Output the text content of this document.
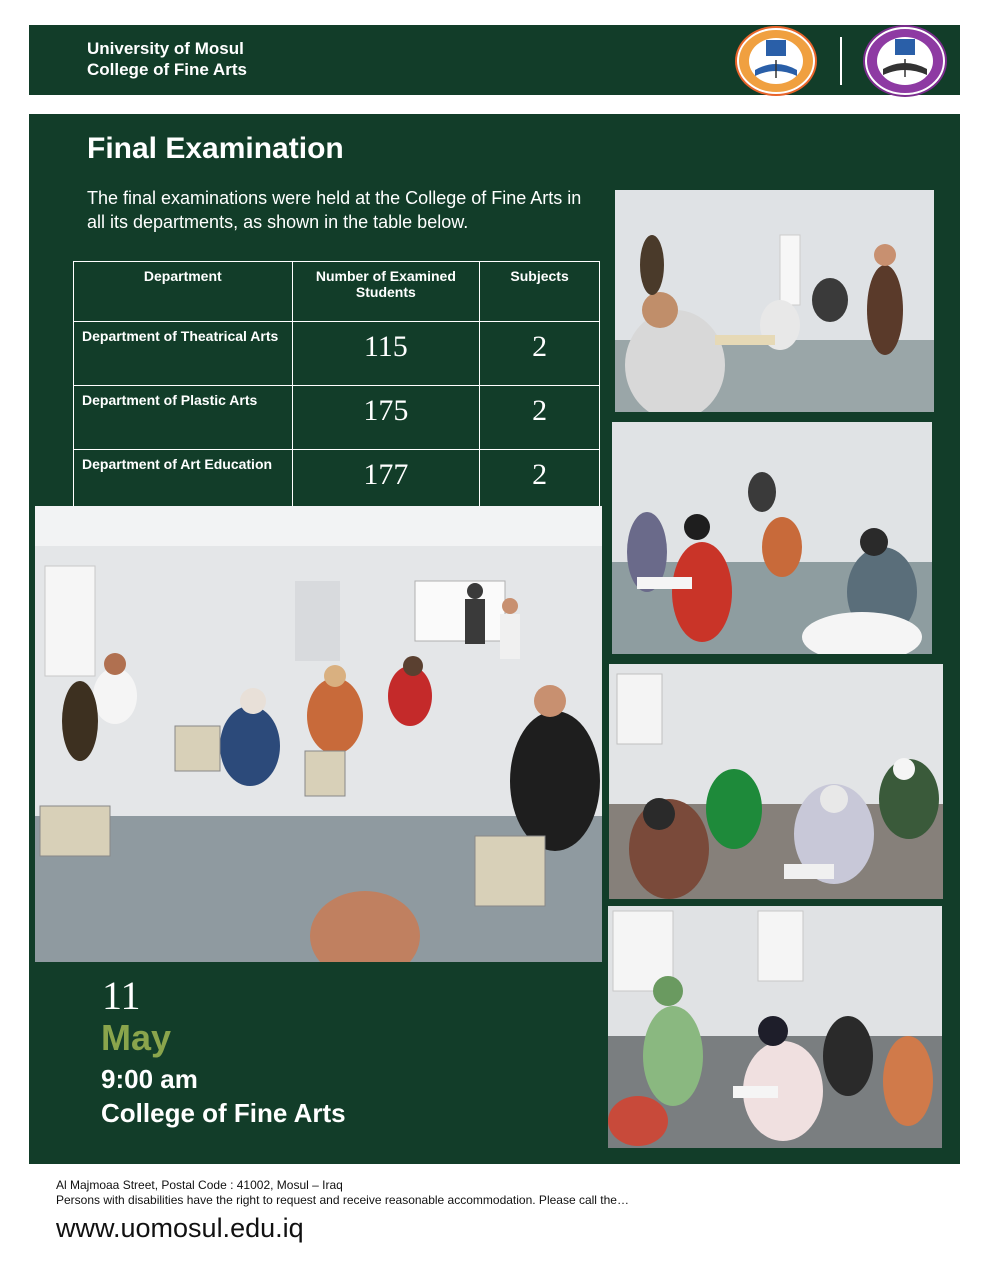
University of Mosul
College of Fine Arts
Final Examination
The final examinations were held at the College of Fine Arts in all its departments, as shown in the table below.
Department	Number of Examined Students	Subjects
Department of Theatrical Arts	115	2
Department of Plastic Arts	175	2
Department of Art Education	177	2
11
May
9:00 am
College of Fine Arts
Al Majmoaa Street, Postal Code : 41002, Mosul – Iraq
Persons with disabilities have the right to request and receive reasonable accommodation. Please call the…
www.uomosul.edu.iq
